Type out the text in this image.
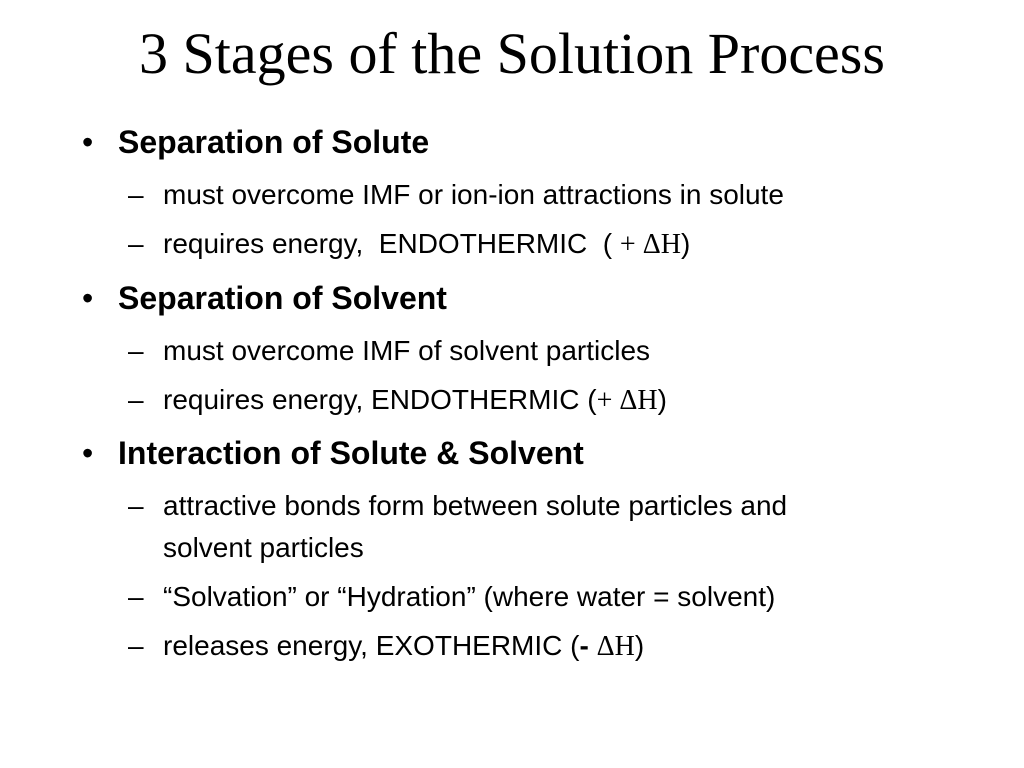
3 Stages of the Solution Process
• Separation of Solute
– must overcome IMF or ion-ion attractions in solute
– requires energy,  ENDOTHERMIC  ( + ΔH)
• Separation of Solvent
– must overcome IMF of solvent particles
– requires energy, ENDOTHERMIC (+ ΔH)
• Interaction of Solute & Solvent
– attractive bonds form between solute particles and
solvent particles
– “Solvation” or “Hydration” (where water = solvent)
– releases energy, EXOTHERMIC (- ΔH)
